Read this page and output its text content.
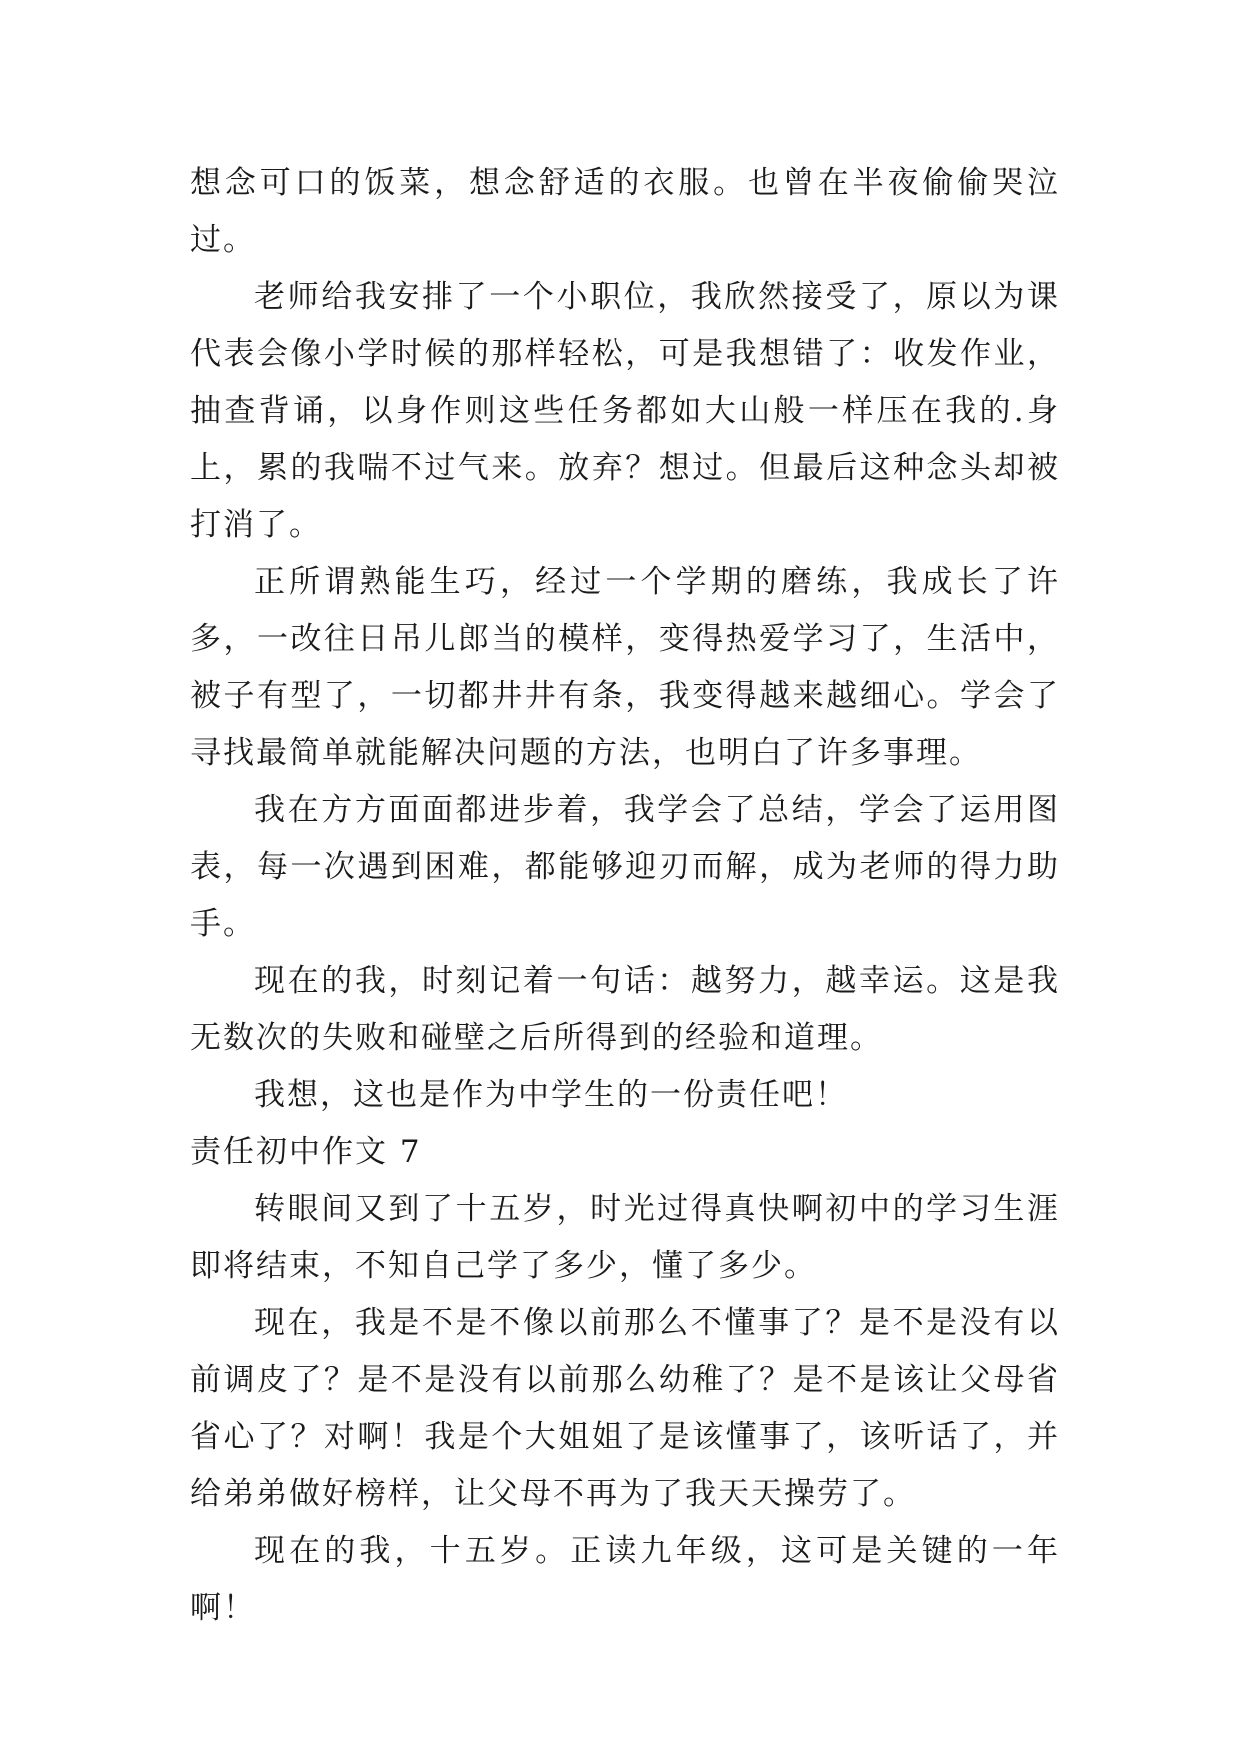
想念可口的饭菜，想念舒适的衣服。也曾在半夜偷偷哭泣过。

老师给我安排了一个小职位，我欣然接受了，原以为课代表会像小学时候的那样轻松，可是我想错了：收发作业，抽查背诵，以身作则这些任务都如大山般一样压在我的.身上，累的我喘不过气来。放弃？想过。但最后这种念头却被打消了。

正所谓熟能生巧，经过一个学期的磨练，我成长了许多，一改往日吊儿郎当的模样，变得热爱学习了，生活中，被子有型了，一切都井井有条，我变得越来越细心。学会了寻找最简单就能解决问题的方法，也明白了许多事理。

我在方方面面都进步着，我学会了总结，学会了运用图表，每一次遇到困难，都能够迎刃而解，成为老师的得力助手。

现在的我，时刻记着一句话：越努力，越幸运。这是我无数次的失败和碰壁之后所得到的经验和道理。

我想，这也是作为中学生的一份责任吧！

责任初中作文 7

转眼间又到了十五岁，时光过得真快啊初中的学习生涯即将结束，不知自己学了多少，懂了多少。

现在，我是不是不像以前那么不懂事了？是不是没有以前调皮了？是不是没有以前那么幼稚了？是不是该让父母省省心了？对啊！我是个大姐姐了是该懂事了，该听话了，并给弟弟做好榜样，让父母不再为了我天天操劳了。

现在的我，十五岁。正读九年级，这可是关键的一年啊！
